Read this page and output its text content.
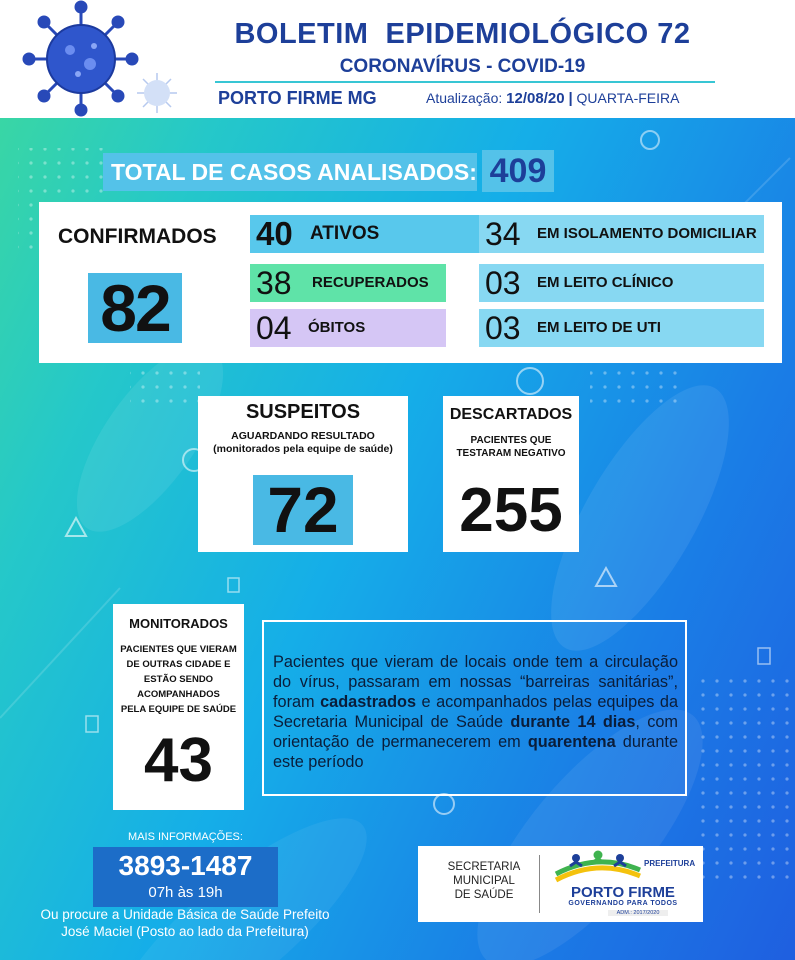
BOLETIM  EPIDEMIOLÓGICO 72
CORONAVÍRUS - COVID-19
PORTO FIRME MG	Atualização: 12/08/20 | QUARTA-FEIRA
TOTAL DE CASOS ANALISADOS: 409
CONFIRMADOS
82
40 ATIVOS	34 EM ISOLAMENTO DOMICILIAR
38 RECUPERADOS 03 EM LEITO CLÍNICO
04 ÓBITOS	03 EM LEITO DE UTI
SUSPEITOS
AGUARDANDO RESULTADO
(monitorados pela equipe de saúde)
72
DESCARTADOS
PACIENTES QUE
TESTARAM NEGATIVO
255
MONITORADOS
PACIENTES QUE VIERAM
DE OUTRAS CIDADE E
ESTÃO SENDO
ACOMPANHADOS
PELA EQUIPE DE SAÚDE
43

Pacientes que vieram de locais onde tem a circulação do vírus, passaram em nossas “barreiras sanitárias”, foram cadastrados e acompanhados pelas equipes da Secretaria Municipal de Saúde durante 14 dias, com orientação de permanecerem em quarentena durante este período

MAIS INFORMAÇÕES:
3893-1487
07h às 19h
Ou procure a Unidade Básica de Saúde Prefeito
José Maciel (Posto ao lado da Prefeitura)
SECRETARIA
MUNICIPAL
DE SAÚDE
PREFEITURA
PORTO FIRME
GOVERNANDO PARA TODOS
ADM.: 2017/2020
